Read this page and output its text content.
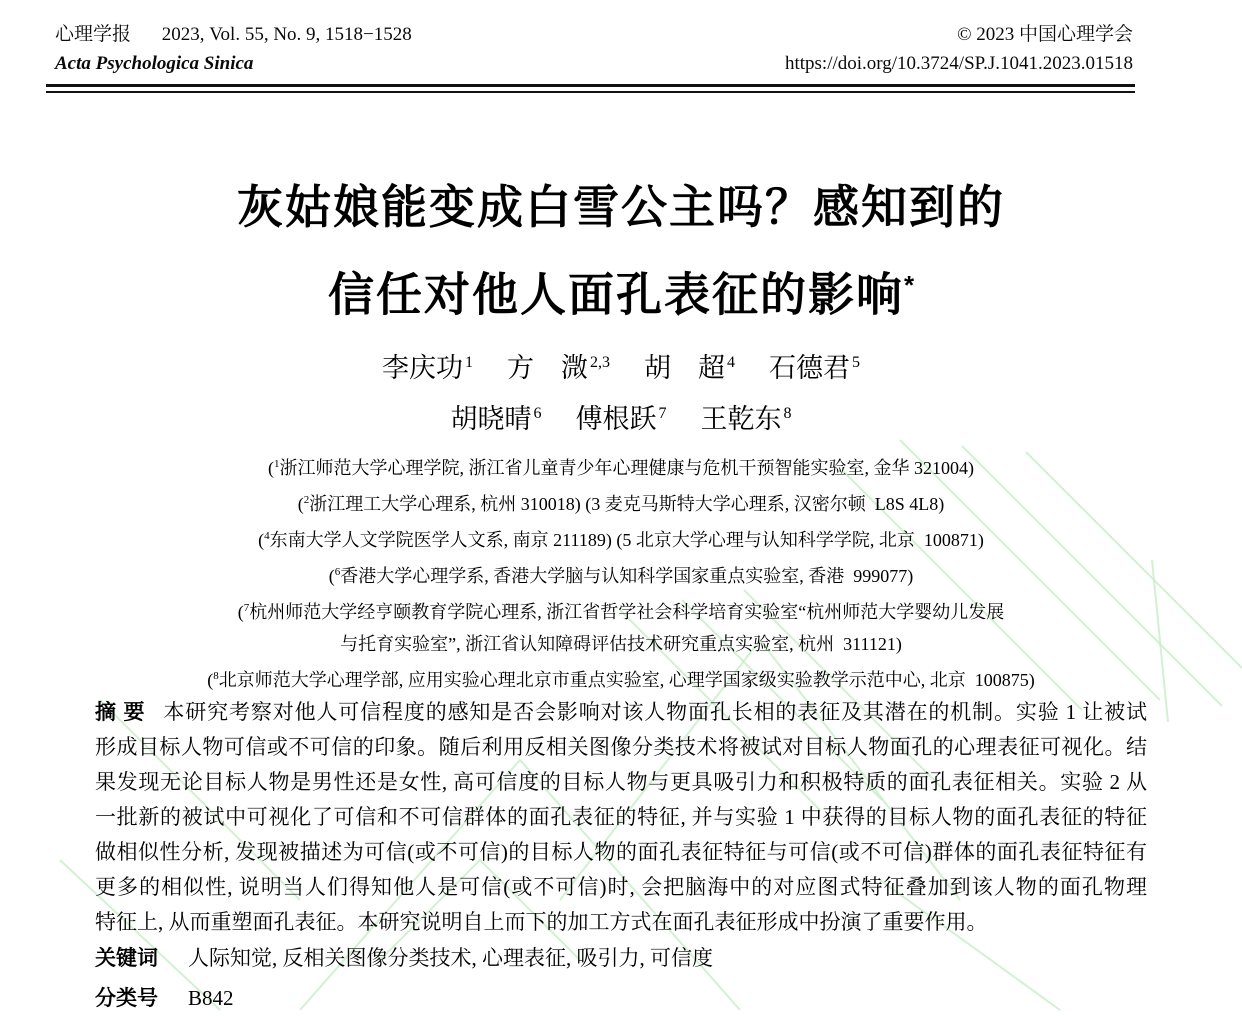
心理学报 2023, Vol. 55, No. 9, 1518−1528
Acta Psychologica Sinica
© 2023 中国心理学会
https://doi.org/10.3724/SP.J.1041.2023.01518
灰姑娘能变成白雪公主吗？感知到的
信任对他人面孔表征的影响*
李庆功 $^1$ 方　溦 $^{2,3}$ 胡　超 $^4$ 石德君 $^5$
胡晓晴 $^6$ 傅根跃 $^7$ 王乾东 $^8$
($^1$浙江师范大学心理学院, 浙江省儿童青少年心理健康与危机干预智能实验室, 金华 321004)
($^2$浙江理工大学心理系, 杭州 310018) (3 麦克马斯特大学心理系, 汉密尔顿  L8S 4L8)
($^4$东南大学人文学院医学人文系, 南京 211189) (5 北京大学心理与认知科学学院, 北京  100871)
($^6$香港大学心理学系, 香港大学脑与认知科学国家重点实验室, 香港  999077)
($^7$杭州师范大学经亨颐教育学院心理系, 浙江省哲学社会科学培育实验室“杭州师范大学婴幼儿发展
与托育实验室”, 浙江省认知障碍评估技术研究重点实验室, 杭州  311121)
($^8$北京师范大学心理学部, 应用实验心理北京市重点实验室, 心理学国家级实验教学示范中心, 北京  100875)
摘 要 本研究考察对他人可信程度的感知是否会影响对该人物面孔长相的表征及其潜在的机制。实验 1 让被试
形成目标人物可信或不可信的印象。随后利用反相关图像分类技术将被试对目标人物面孔的心理表征可视化。结
果发现无论目标人物是男性还是女性, 高可信度的目标人物与更具吸引力和积极特质的面孔表征相关。实验 2 从
一批新的被试中可视化了可信和不可信群体的面孔表征的特征, 并与实验 1 中获得的目标人物的面孔表征的特征
做相似性分析, 发现被描述为可信(或不可信)的目标人物的面孔表征特征与可信(或不可信)群体的面孔表征特征有
更多的相似性, 说明当人们得知他人是可信(或不可信)时, 会把脑海中的对应图式特征叠加到该人物的面孔物理
特征上, 从而重塑面孔表征。本研究说明自上而下的加工方式在面孔表征形成中扮演了重要作用。
关键词 人际知觉, 反相关图像分类技术, 心理表征, 吸引力, 可信度
分类号 B842
